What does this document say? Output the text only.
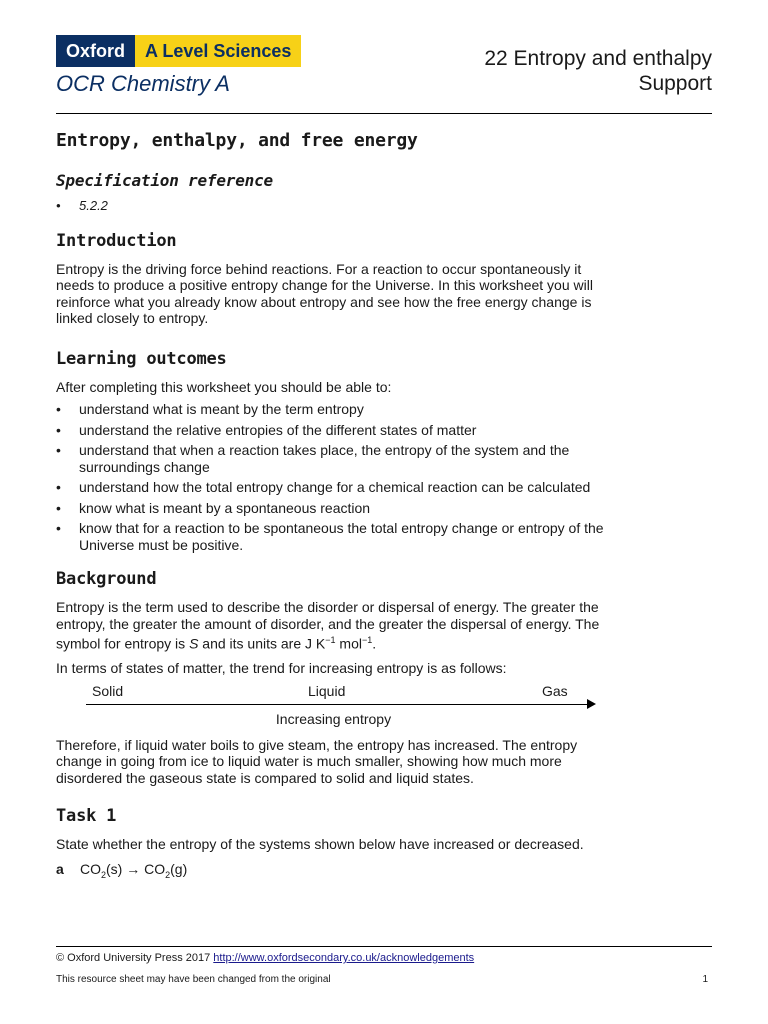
Oxford	A Level Sciences
OCR Chemistry A
22 Entropy and enthalpy
Support
Entropy, enthalpy, and free energy
Specification reference
• 5.2.2
Introduction

Entropy is the driving force behind reactions. For a reaction to occur spontaneously it needs to produce a positive entropy change for the Universe. In this worksheet you will reinforce what you already know about entropy and see how the free energy change is linked closely to entropy.

Learning outcomes

After completing this worksheet you should be able to:

• understand what is meant by the term entropy
• understand the relative entropies of the different states of matter
• understand that when a reaction takes place, the entropy of the system and the surroundings change
• understand how the total entropy change for a chemical reaction can be calculated
• know what is meant by a spontaneous reaction
• know that for a reaction to be spontaneous the total entropy change or entropy of the Universe must be positive.
Background

Entropy is the term used to describe the disorder or dispersal of energy. The greater the entropy, the greater the amount of disorder, and the greater the dispersal of energy. The symbol for entropy is S and its units are J $K^{-1}$ mol$^{-1}$.

In terms of states of matter, the trend for increasing entropy is as follows:

Solid	Liquid	Gas
Increasing entropy

Therefore, if liquid water boils to give steam, the entropy has increased. The entropy change in going from ice to liquid water is much smaller, showing how much more disordered the gaseous state is compared to solid and liquid states.

Task 1

State whether the entropy of the systems shown below have increased or decreased.

a $CO_2(s) \to CO_2(g)$
© Oxford University Press 2017 http://www.oxfordsecondary.co.uk/acknowledgements
This resource sheet may have been changed from the original	1
